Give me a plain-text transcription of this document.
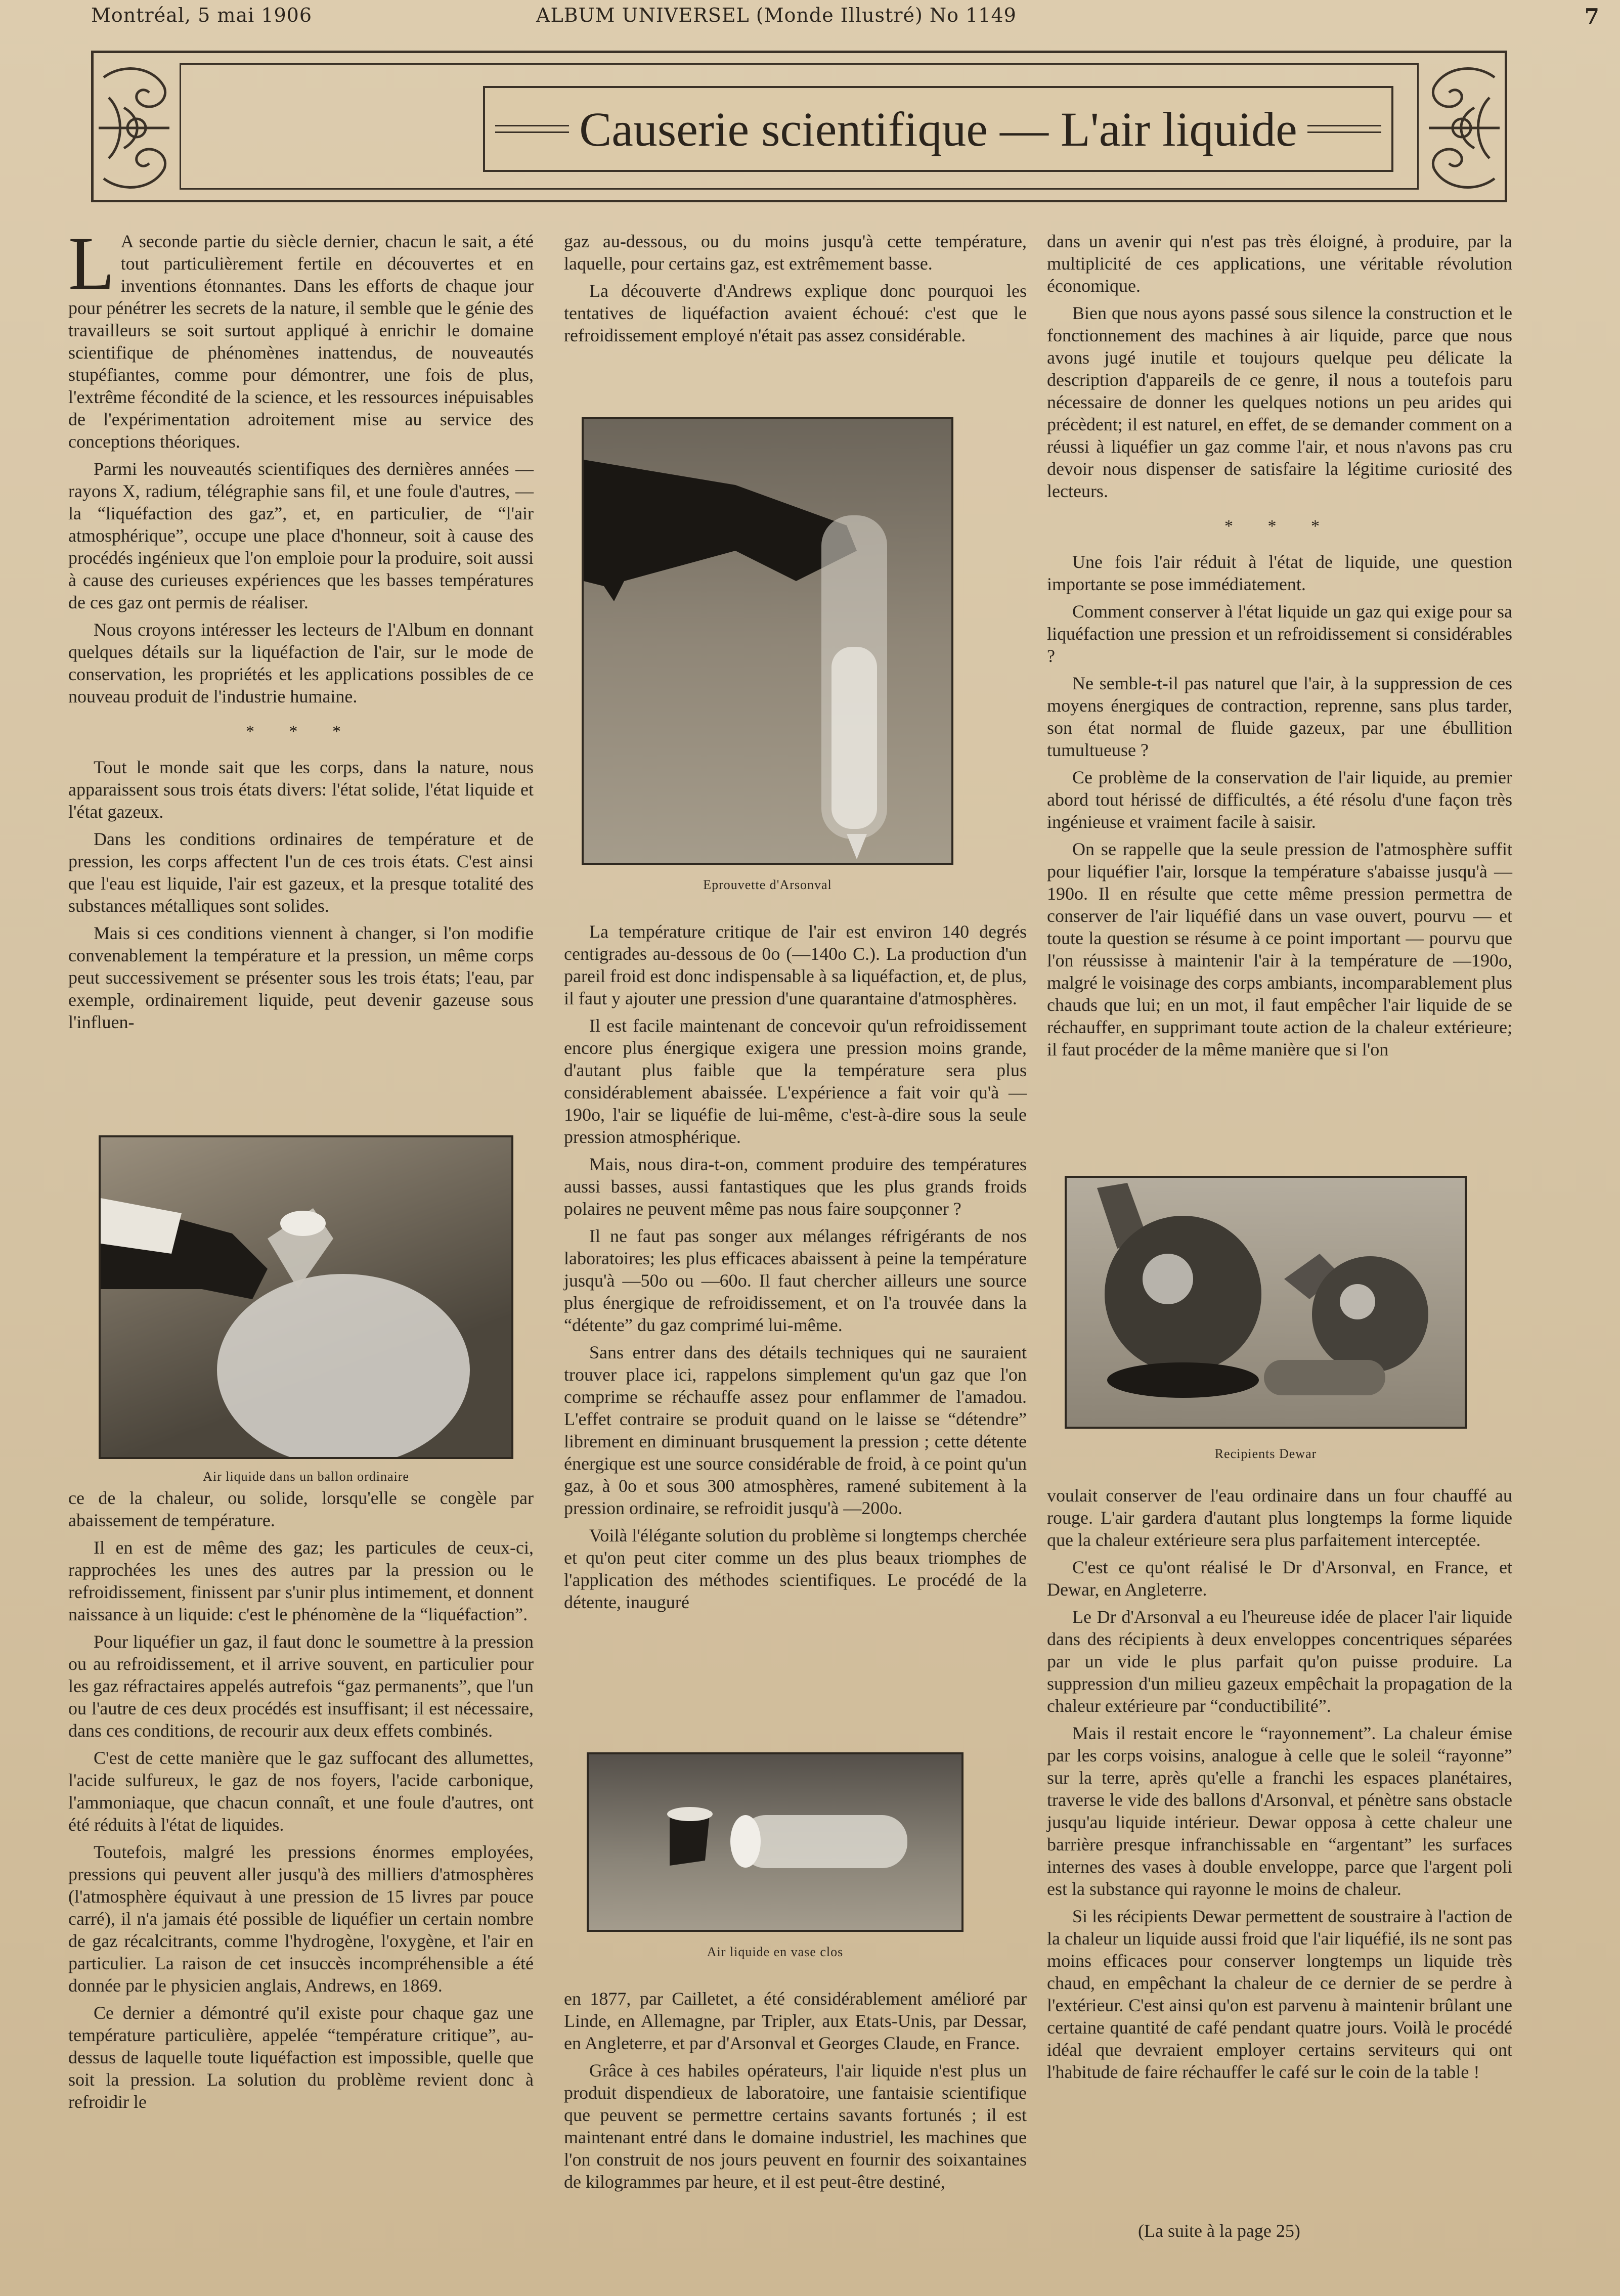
Montréal, 5 mai 1906	ALBUM UNIVERSEL (Monde Illustré) No 1149	7
Causerie scientifique — L'air liquide

L A seconde partie du siècle dernier, chacun le sait, a été tout particulièrement fertile en découvertes et en inventions étonnantes. Dans les efforts de chaque jour pour pénétrer les secrets de la nature, il semble que le génie des travailleurs se soit surtout appliqué à enrichir le domaine scientifique de phénomènes inattendus, de nouveautés stupéfiantes, comme pour démontrer, une fois de plus, l'extrême fécondité de la science, et les ressources inépuisables de l'expérimentation adroitement mise au service des conceptions théoriques.

Parmi les nouveautés scientifiques des dernières années — rayons X, radium, télégraphie sans fil, et une foule d'autres, — la “liquéfaction des gaz”, et, en particulier, de “l'air atmosphérique”, occupe une place d'honneur, soit à cause des procédés ingénieux que l'on emploie pour la produire, soit aussi à cause des curieuses expériences que les basses températures de ces gaz ont permis de réaliser.

Nous croyons intéresser les lecteurs de l'Album en donnant quelques détails sur la liquéfaction de l'air, sur le mode de conservation, les propriétés et les applications possibles de ce nouveau produit de l'industrie humaine.

* * *

Tout le monde sait que les corps, dans la nature, nous apparaissent sous trois états divers: l'état solide, l'état liquide et l'état gazeux.

Dans les conditions ordinaires de température et de pression, les corps affectent l'un de ces trois états. C'est ainsi que l'eau est liquide, l'air est gazeux, et la presque totalité des substances métalliques sont solides.

Mais si ces conditions viennent à changer, si l'on modifie convenablement la température et la pression, un même corps peut successivement se présenter sous les trois états; l'eau, par exemple, ordinairement liquide, peut devenir gazeuse sous l'influen-

Air liquide dans un ballon ordinaire

ce de la chaleur, ou solide, lorsqu'elle se congèle par abaissement de température.

Il en est de même des gaz; les particules de ceux-ci, rapprochées les unes des autres par la pression ou le refroidissement, finissent par s'unir plus intimement, et donnent naissance à un liquide: c'est le phénomène de la “liquéfaction”.

Pour liquéfier un gaz, il faut donc le soumettre à la pression ou au refroidissement, et il arrive souvent, en particulier pour les gaz réfractaires appelés autrefois “gaz permanents”, que l'un ou l'autre de ces deux procédés est insuffisant; il est nécessaire, dans ces conditions, de recourir aux deux effets combinés.

C'est de cette manière que le gaz suffocant des allumettes, l'acide sulfureux, le gaz de nos foyers, l'acide carbonique, l'ammoniaque, que chacun connaît, et une foule d'autres, ont été réduits à l'état de liquides.

Toutefois, malgré les pressions énormes employées, pressions qui peuvent aller jusqu'à des milliers d'atmosphères (l'atmosphère équivaut à une pression de 15 livres par pouce carré), il n'a jamais été possible de liquéfier un certain nombre de gaz récalcitrants, comme l'hydrogène, l'oxygène, et l'air en particulier. La raison de cet insuccès incompréhensible a été donnée par le physicien anglais, Andrews, en 1869.

Ce dernier a démontré qu'il existe pour chaque gaz une température particulière, appelée “température critique”, au-dessus de laquelle toute liquéfaction est impossible, quelle que soit la pression. La solution du problème revient donc à refroidir le

gaz au-dessous, ou du moins jusqu'à cette température, laquelle, pour certains gaz, est extrêmement basse.

La découverte d'Andrews explique donc pourquoi les tentatives de liquéfaction avaient échoué: c'est que le refroidissement employé n'était pas assez considérable.

Eprouvette d'Arsonval

La température critique de l'air est environ 140 degrés centigrades au-dessous de 0o (—140o C.). La production d'un pareil froid est donc indispensable à sa liquéfaction, et, de plus, il faut y ajouter une pression d'une quarantaine d'atmosphères.

Il est facile maintenant de concevoir qu'un refroidissement encore plus énergique exigera une pression moins grande, d'autant plus faible que la température sera plus considérablement abaissée. L'expérience a fait voir qu'à —190o, l'air se liquéfie de lui-même, c'est-à-dire sous la seule pression atmosphérique.

Mais, nous dira-t-on, comment produire des températures aussi basses, aussi fantastiques que les plus grands froids polaires ne peuvent même pas nous faire soupçonner ?

Il ne faut pas songer aux mélanges réfrigérants de nos laboratoires; les plus efficaces abaissent à peine la température jusqu'à —50o ou —60o. Il faut chercher ailleurs une source plus énergique de refroidissement, et on l'a trouvée dans la “détente” du gaz comprimé lui-même.

Sans entrer dans des détails techniques qui ne sauraient trouver place ici, rappelons simplement qu'un gaz que l'on comprime se réchauffe assez pour enflammer de l'amadou. L'effet contraire se produit quand on le laisse se “détendre” librement en diminuant brusquement la pression ; cette détente énergique est une source considérable de froid, à ce point qu'un gaz, à 0o et sous 300 atmosphères, ramené subitement à la pression ordinaire, se refroidit jusqu'à —200o.

Voilà l'élégante solution du problème si longtemps cherchée et qu'on peut citer comme un des plus beaux triomphes de l'application des méthodes scientifiques. Le procédé de la détente, inauguré

Air liquide en vase clos

en 1877, par Cailletet, a été considérablement amélioré par Linde, en Allemagne, par Tripler, aux Etats-Unis, par Dessar, en Angleterre, et par d'Arsonval et Georges Claude, en France.

Grâce à ces habiles opérateurs, l'air liquide n'est plus un produit dispendieux de laboratoire, une fantaisie scientifique que peuvent se permettre certains savants fortunés ; il est maintenant entré dans le domaine industriel, les machines que l'on construit de nos jours peuvent en fournir des soixantaines de kilogrammes par heure, et il est peut-être destiné,

dans un avenir qui n'est pas très éloigné, à produire, par la multiplicité de ces applications, une véritable révolution économique.

Bien que nous ayons passé sous silence la construction et le fonctionnement des machines à air liquide, parce que nous avons jugé inutile et toujours quelque peu délicate la description d'appareils de ce genre, il nous a toutefois paru nécessaire de donner les quelques notions un peu arides qui précèdent; il est naturel, en effet, de se demander comment on a réussi à liquéfier un gaz comme l'air, et nous n'avons pas cru devoir nous dispenser de satisfaire la légitime curiosité des lecteurs.

* * *

Une fois l'air réduit à l'état de liquide, une question importante se pose immédiatement.

Comment conserver à l'état liquide un gaz qui exige pour sa liquéfaction une pression et un refroidissement si considérables ?

Ne semble-t-il pas naturel que l'air, à la suppression de ces moyens énergiques de contraction, reprenne, sans plus tarder, son état normal de fluide gazeux, par une ébullition tumultueuse ?

Ce problème de la conservation de l'air liquide, au premier abord tout hérissé de difficultés, a été résolu d'une façon très ingénieuse et vraiment facile à saisir.

On se rappelle que la seule pression de l'atmosphère suffit pour liquéfier l'air, lorsque la température s'abaisse jusqu'à —190o. Il en résulte que cette même pression permettra de conserver de l'air liquéfié dans un vase ouvert, pourvu — et toute la question se résume à ce point important — pourvu que l'on réussisse à maintenir l'air à la température de —190o, malgré le voisinage des corps ambiants, incomparablement plus chauds que lui; en un mot, il faut empêcher l'air liquide de se réchauffer, en supprimant toute action de la chaleur extérieure; il faut procéder de la même manière que si l'on

Recipients Dewar

voulait conserver de l'eau ordinaire dans un four chauffé au rouge. L'air gardera d'autant plus longtemps la forme liquide que la chaleur extérieure sera plus parfaitement interceptée.

C'est ce qu'ont réalisé le Dr d'Arsonval, en France, et Dewar, en Angleterre.

Le Dr d'Arsonval a eu l'heureuse idée de placer l'air liquide dans des récipients à deux enveloppes concentriques séparées par un vide le plus parfait qu'on puisse produire. La suppression d'un milieu gazeux empêchait la propagation de la chaleur extérieure par “conductibilité”.

Mais il restait encore le “rayonnement”. La chaleur émise par les corps voisins, analogue à celle que le soleil “rayonne” sur la terre, après qu'elle a franchi les espaces planétaires, traverse le vide des ballons d'Arsonval, et pénètre sans obstacle jusqu'au liquide intérieur. Dewar opposa à cette chaleur une barrière presque infranchissable en “argentant” les surfaces internes des vases à double enveloppe, parce que l'argent poli est la substance qui rayonne le moins de chaleur.

Si les récipients Dewar permettent de soustraire à l'action de la chaleur un liquide aussi froid que l'air liquéfié, ils ne sont pas moins efficaces pour conserver longtemps un liquide très chaud, en empêchant la chaleur de ce dernier de se perdre à l'extérieur. C'est ainsi qu'on est parvenu à maintenir brûlant une certaine quantité de café pendant quatre jours. Voilà le procédé idéal que devraient employer certains serviteurs qui ont l'habitude de faire réchauffer le café sur le coin de la table !

(La suite à la page 25)
